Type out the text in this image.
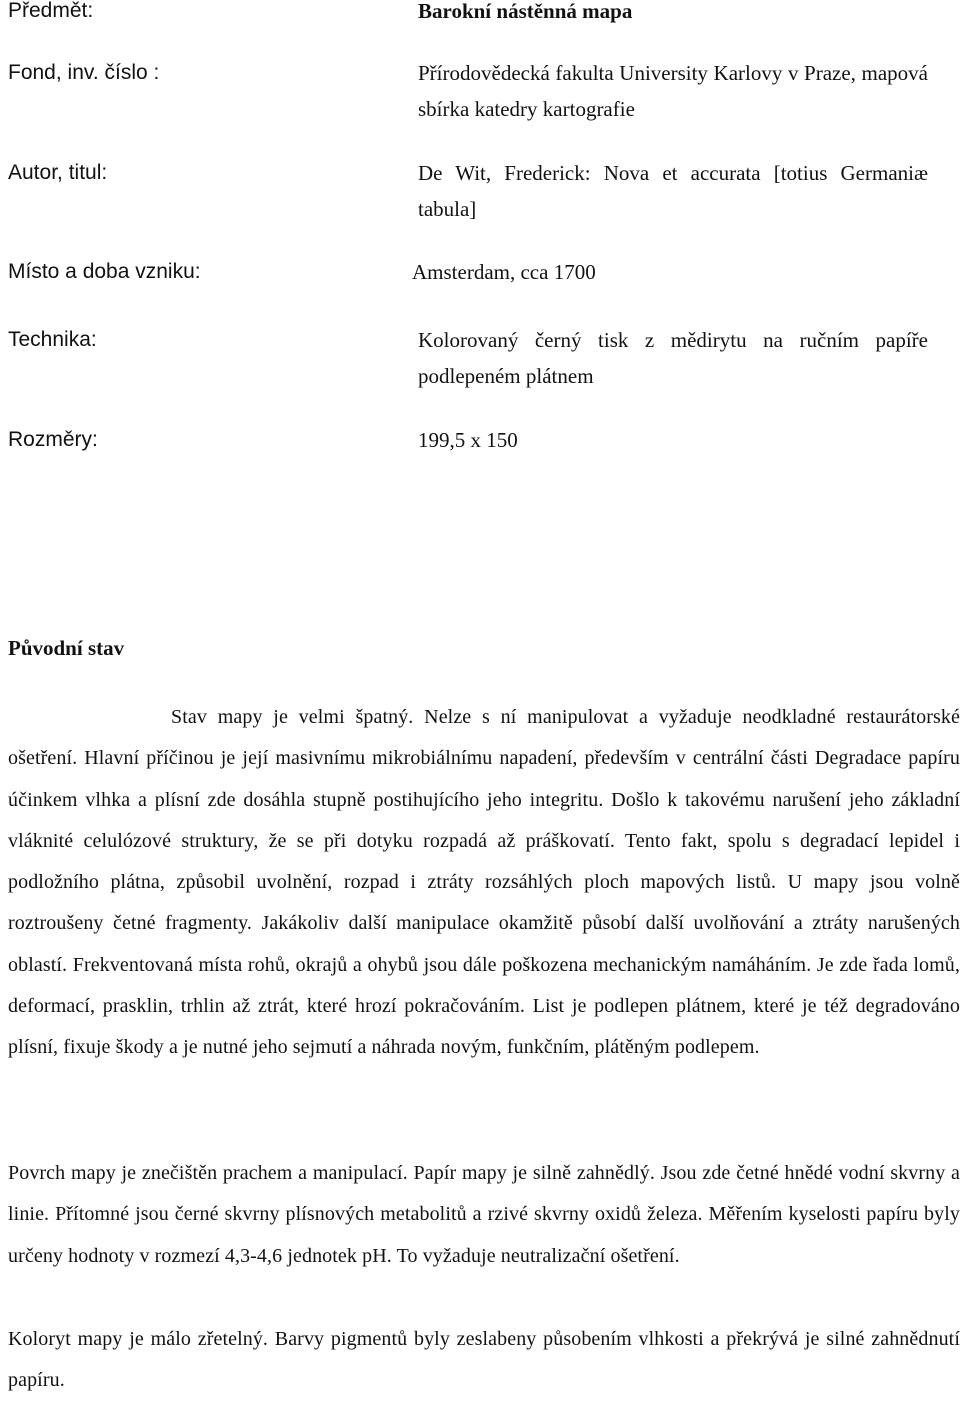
Předmět:	Barokní nástěnná mapa

Fond, inv. číslo :	Přírodovědecká fakulta University Karlovy v Praze, mapová sbírka katedry kartografie

Autor, titul:	De Wit, Frederick: Nova et accurata [totius Germaniæ tabula]

Místo a doba vzniku:	Amsterdam, cca 1700

Technika:	Kolorovaný černý tisk z mědirytu na ručním papíře podlepeném plátnem

Rozměry:	199,5 x 150

Původní stav

Stav mapy je velmi špatný. Nelze s ní manipulovat a vyžaduje neodkladné restaurátorské ošetření. Hlavní příčinou je její masivnímu mikrobiálnímu napadení, především v centrální části Degradace papíru účinkem vlhka a plísní zde dosáhla stupně postihujícího jeho integritu. Došlo k takovému narušení jeho základní vláknité celulózové struktury, že se při dotyku rozpadá až práškovatí. Tento fakt, spolu s degradací lepidel i podložního plátna, způsobil uvolnění, rozpad i ztráty rozsáhlých ploch mapových listů. U mapy jsou volně roztroušeny četné fragmenty. Jakákoliv další manipulace okamžitě působí další uvolňování a ztráty narušených oblastí. Frekventovaná místa rohů, okrajů a ohybů jsou dále poškozena mechanickým namáháním. Je zde řada lomů, deformací, prasklin, trhlin až ztrát, které hrozí pokračováním. List je podlepen plátnem, které je též degradováno plísní, fixuje škody a je nutné jeho sejmutí a náhrada novým, funkčním, plátěným podlepem.

Povrch mapy je znečištěn prachem a manipulací. Papír mapy je silně zahnědlý. Jsou zde četné hnědé vodní skvrny a linie. Přítomné jsou černé skvrny plísnových metabolitů a rzivé skvrny oxidů železa. Měřením kyselosti papíru byly určeny hodnoty v rozmezí 4,3-4,6 jednotek pH. To vyžaduje neutralizační ošetření.

Koloryt mapy je málo zřetelný. Barvy pigmentů byly zeslabeny působením vlhkosti a překrývá je silné zahnědnutí papíru.
